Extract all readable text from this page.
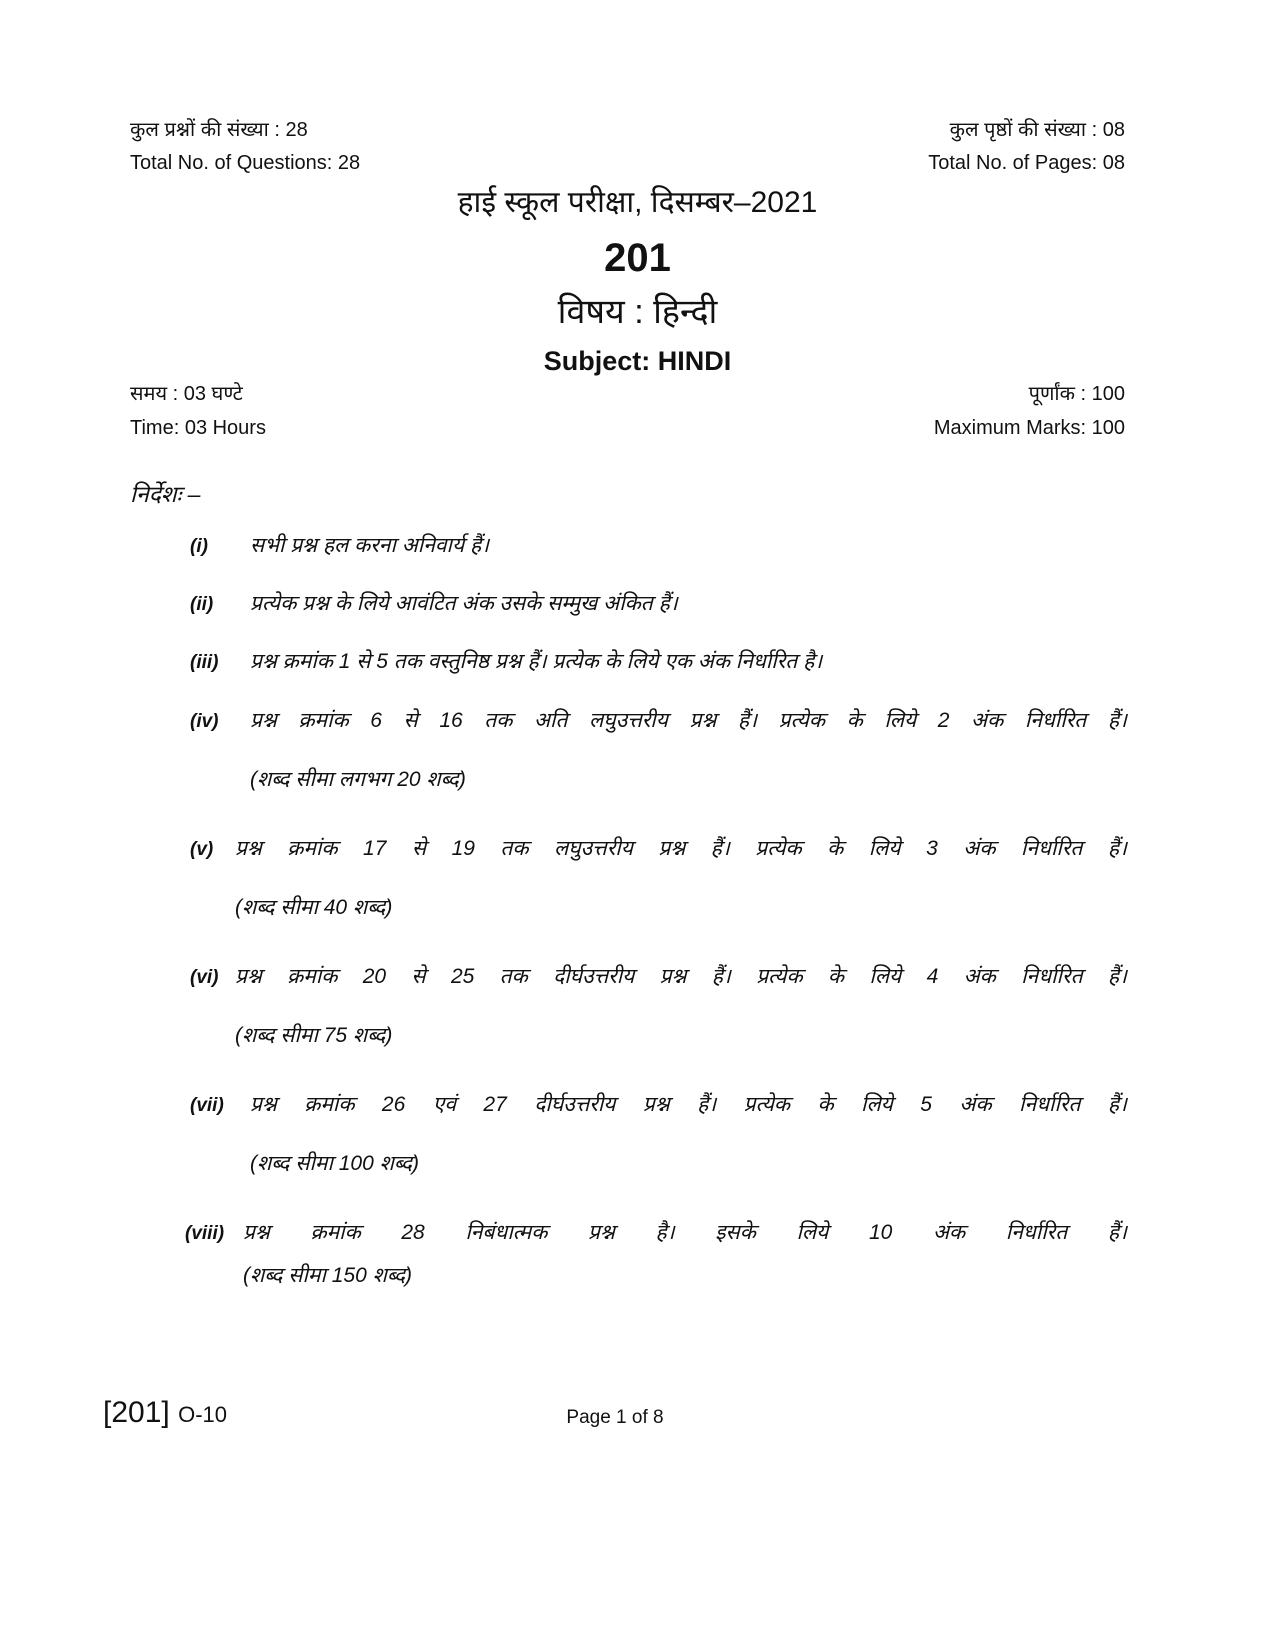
कुल प्रश्नों की संख्या : 28	कुल पृष्ठों की संख्या : 08
Total No. of Questions: 28	Total No. of Pages: 08
हाई स्कूल परीक्षा, दिसम्बर–2021
201
विषय : हिन्दी
Subject: HINDI
समय : 03 घण्टे	पूर्णांक : 100
Time: 03 Hours	Maximum Marks: 100
निर्देशः –
(i)	सभी प्रश्न हल करना अनिवार्य हैं।
(ii)	प्रत्येक प्रश्न के लिये आवंटित अंक उसके सम्मुख अंकित हैं।
(iii)	प्रश्न क्रमांक 1 से 5 तक वस्तुनिष्ठ प्रश्न हैं। प्रत्येक के लिये एक अंक निर्धारित है।
(iv)	प्रश्न क्रमांक 6 से 16 तक अति लघुउत्तरीय प्रश्न हैं। प्रत्येक के लिये 2 अंक निर्धारित हैं।
(शब्द सीमा लगभग 20 शब्द)
(v)	प्रश्न क्रमांक 17 से 19 तक लघुउत्तरीय प्रश्न हैं। प्रत्येक के लिये 3 अंक निर्धारित हैं।
(शब्द सीमा 40 शब्द)
(vi) प्रश्न क्रमांक 20 से 25 तक दीर्घउत्तरीय प्रश्न हैं। प्रत्येक के लिये 4 अंक निर्धारित हैं।
(शब्द सीमा 75 शब्द)
(vii)	प्रश्न क्रमांक 26 एवं 27 दीर्घउत्तरीय प्रश्न हैं। प्रत्येक के लिये 5 अंक निर्धारित हैं।
(शब्द सीमा 100 शब्द)
(viii) प्रश्न क्रमांक 28 निबंधात्मक प्रश्न है। इसके लिये 10 अंक निर्धारित हैं।
(शब्द सीमा 150 शब्द)
[201] O-10	Page 1 of 8
